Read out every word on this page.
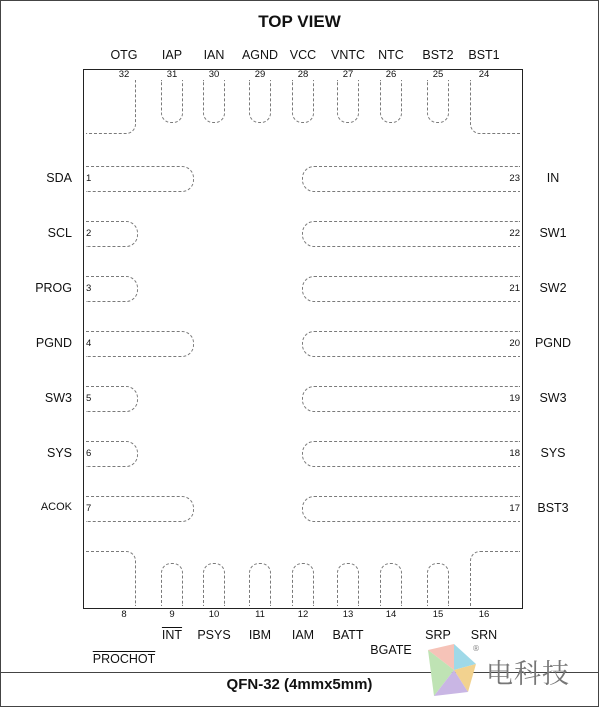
TOP VIEW
OTG
32
IAP
31
IAN
30
AGND
29
VCC
28
VNTC
27
NTC
26
BST2
25
BST1
24
SDA 1
SCL 2
PROG 3
PGND 4
SW3 5
SYS 6
ACOK 7
IN
23
SW1
22
SW2
21
PGND
20
SW3
19
SYS
18
BST3
17
8
PROCHOT
9
$\overline{INT}$
10
PSYS
11
IBM
12
IAM
13
BATT
14
BGATE
15
SRP
16
SRN
QFN-32 (4mmx5mm)
®
电科技
